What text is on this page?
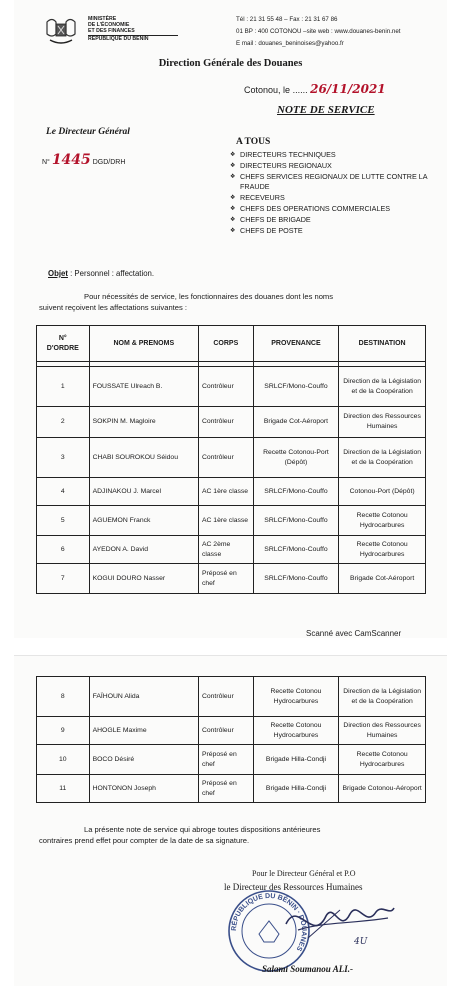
MINISTÈRE
DE L'ÉCONOMIE
ET DES FINANCES
RÉPUBLIQUE DU BÉNIN
Tél : 21 31 55 48 – Fax : 21 31 67 86
01 BP : 400 COTONOU –site web : www.douanes-benin.net
E mail : douanes_beninoises@yahoo.fr
Direction Générale des Douanes
Cotonou, le ...... 26/11/2021
NOTE DE SERVICE
Le Directeur Général
N° 1445 DGD/DRH
A TOUS
❖ DIRECTEURS TECHNIQUES
❖ DIRECTEURS REGIONAUX
❖ CHEFS SERVICES REGIONAUX DE LUTTE CONTRE LA FRAUDE
❖ RECEVEURS
❖ CHEFS DES OPERATIONS COMMERCIALES
❖ CHEFS DE BRIGADE
❖ CHEFS DE POSTE
Objet : Personnel : affectation.
Pour nécessités de service, les fonctionnaires des douanes dont les noms
suivent reçoivent les affectations suivantes :
N°
D'ORDRE	NOM & PRENOMS	CORPS	PROVENANCE	DESTINATION

1	FOUSSATE Ulreach B.	Contrôleur	SRLCF/Mono-Couffo	Direction de la Législation et de la Coopération
2	SOKPIN M. Magloire	Contrôleur	Brigade Cot-Aéroport	Direction des Ressources Humaines
3	CHABI SOUROKOU Séidou	Contrôleur	Recette Cotonou-Port (Dépôt)	Direction de la Législation et de la Coopération
4	ADJINAKOU J. Marcel	AC 1ère classe	SRLCF/Mono-Couffo	Cotonou-Port (Dépôt)
5	AGUEMON Franck	AC 1ère classe	SRLCF/Mono-Couffo	Recette Cotonou Hydrocarbures
6	AYEDON A. David	AC 2ème classe	SRLCF/Mono-Couffo	Recette Cotonou Hydrocarbures
7	KOGUI DOURO Nasser	Préposé en chef	SRLCF/Mono-Couffo	Brigade Cot-Aéroport
Scanné avec CamScanner
8	FAÏHOUN Alida	Contrôleur	Recette Cotonou Hydrocarbures	Direction de la Législation et de la Coopération
9	AHOGLE Maxime	Contrôleur	Recette Cotonou Hydrocarbures	Direction des Ressources Humaines
10	BOCO Désiré	Préposé en chef	Brigade Hilla-Condji	Recette Cotonou Hydrocarbures
11	HONTONON Joseph	Préposé en chef	Brigade Hilla-Condji	Brigade Cotonou-Aéroport
La présente note de service qui abroge toutes dispositions antérieures
contraires prend effet pour compter de la date de sa signature.
Pour le Directeur Général et P.O
le Directeur des Ressources Humaines
RÉPUBLIQUE DU BÉNIN · DOUANES
4U
Salami Soumanou ALI.-
